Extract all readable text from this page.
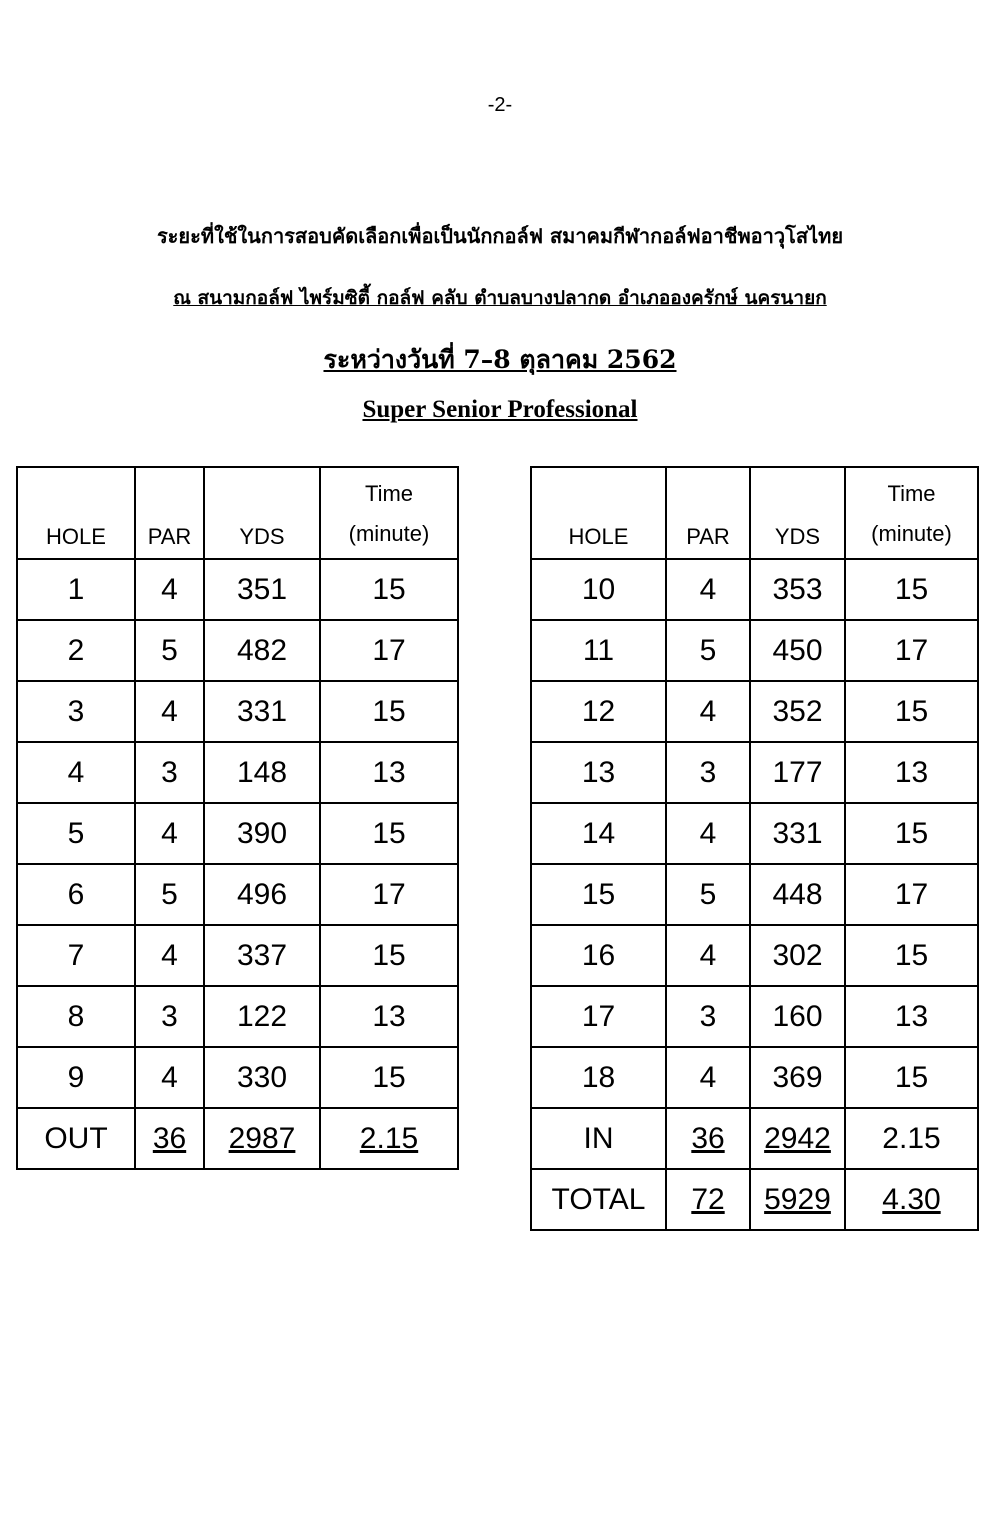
-2-
ระยะที่ใช้ในการสอบคัดเลือกเพื่อเป็นนักกอล์ฟ สมาคมกีฬากอล์ฟอาชีพอาวุโสไทย
ณ สนามกอล์ฟ ไพร์มซิตี้ กอล์ฟ คลับ ตำบลบางปลากด อำเภอองครักษ์ นครนายก
ระหว่างวันที่ 7–8 ตุลาคม 2562
Super Senior Professional
HOLE	PAR	YDS	Time
(minute)
1	4	351	15
2	5	482	17
3	4	331	15
4	3	148	13
5	4	390	15
6	5	496	17
7	4	337	15
8	3	122	13
9	4	330	15
OUT	36	2987	2.15
HOLE	PAR	YDS	Time
(minute)
10	4	353	15
11	5	450	17
12	4	352	15
13	3	177	13
14	4	331	15
15	5	448	17
16	4	302	15
17	3	160	13
18	4	369	15
IN	36	2942	2.15
TOTAL	72	5929	4.30
